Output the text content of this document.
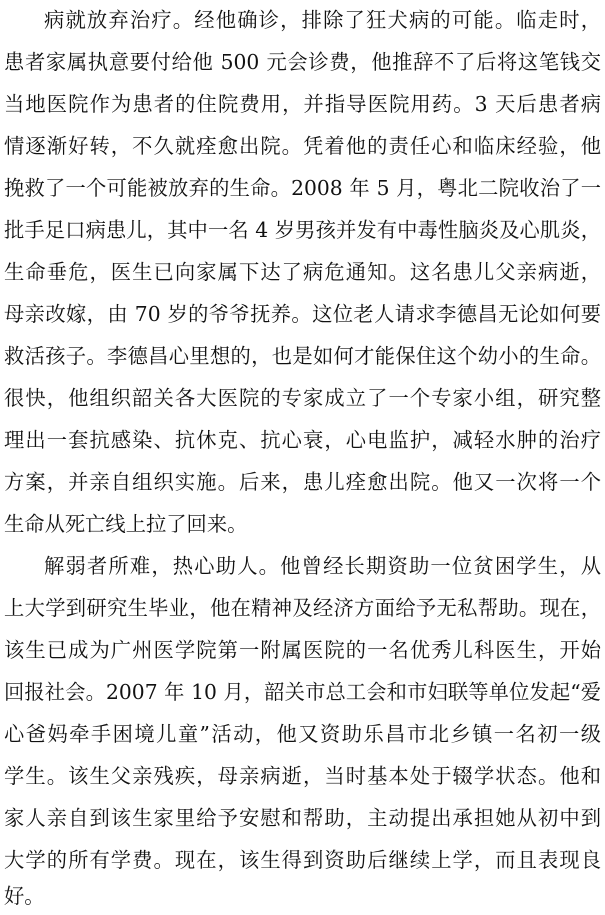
病就放弃治疗。经他确诊，排除了狂犬病的可能。临走时，
患者家属执意要付给他 500 元会诊费，他推辞不了后将这笔钱交
当地医院作为患者的住院费用，并指导医院用药。3 天后患者病
情逐渐好转，不久就痊愈出院。凭着他的责任心和临床经验，他
挽救了一个可能被放弃的生命。2008 年 5 月，粤北二院收治了一
批手足口病患儿，其中一名 4 岁男孩并发有中毒性脑炎及心肌炎，
生命垂危，医生已向家属下达了病危通知。这名患儿父亲病逝，
母亲改嫁，由 70 岁的爷爷抚养。这位老人请求李德昌无论如何要
救活孩子。李德昌心里想的，也是如何才能保住这个幼小的生命。
很快，他组织韶关各大医院的专家成立了一个专家小组，研究整
理出一套抗感染、抗休克、抗心衰，心电监护，减轻水肿的治疗
方案，并亲自组织实施。后来，患儿痊愈出院。他又一次将一个
生命从死亡线上拉了回来。
解弱者所难，热心助人。他曾经长期资助一位贫困学生，从
上大学到研究生毕业，他在精神及经济方面给予无私帮助。现在，
该生已成为广州医学院第一附属医院的一名优秀儿科医生，开始
回报社会。2007 年 10 月，韶关市总工会和市妇联等单位发起“爱
心爸妈牵手困境儿童”活动，他又资助乐昌市北乡镇一名初一级
学生。该生父亲残疾，母亲病逝，当时基本处于辍学状态。他和
家人亲自到该生家里给予安慰和帮助，主动提出承担她从初中到
大学的所有学费。现在，该生得到资助后继续上学，而且表现良
好。
